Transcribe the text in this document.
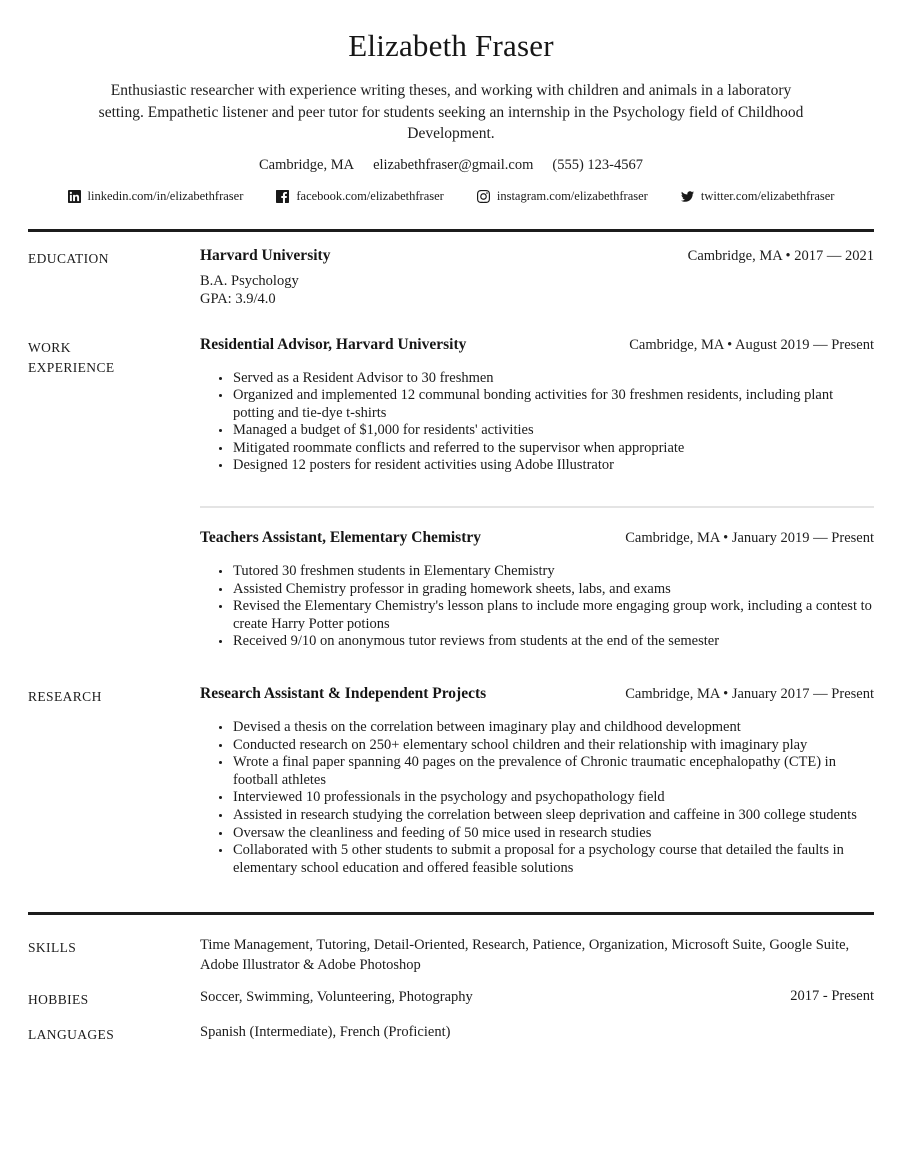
Elizabeth Fraser

Enthusiastic researcher with experience writing theses, and working with children and animals in a laboratory setting. Empathetic listener and peer tutor for students seeking an internship in the Psychology field of Childhood Development.

Cambridge, MA elizabethfraser@gmail.com (555) 123-4567
linkedin.com/in/elizabethfraser	facebook.com/elizabethfraser	instagram.com/elizabethfraser	twitter.com/elizabethfraser
EDUCATION	Harvard University	Cambridge, MA • 2017 — 2021
B.A. Psychology
GPA: 3.9/4.0
WORK EXPERIENCE
Residential Advisor, Harvard University	Cambridge, MA • August 2019 — Present
• Served as a Resident Advisor to 30 freshmen
• Organized and implemented 12 communal bonding activities for 30 freshmen residents, including plant potting and tie-dye t-shirts
• Managed a budget of $1,000 for residents' activities
• Mitigated roommate conflicts and referred to the supervisor when appropriate
• Designed 12 posters for resident activities using Adobe Illustrator
Teachers Assistant, Elementary Chemistry	Cambridge, MA • January 2019 — Present
• Tutored 30 freshmen students in Elementary Chemistry
• Assisted Chemistry professor in grading homework sheets, labs, and exams
• Revised the Elementary Chemistry's lesson plans to include more engaging group work, including a contest to create Harry Potter potions
• Received 9/10 on anonymous tutor reviews from students at the end of the semester
RESEARCH	Research Assistant & Independent Projects	Cambridge, MA • January 2017 — Present
• Devised a thesis on the correlation between imaginary play and childhood development
• Conducted research on 250+ elementary school children and their relationship with imaginary play
• Wrote a final paper spanning 40 pages on the prevalence of Chronic traumatic encephalopathy (CTE) in football athletes
• Interviewed 10 professionals in the psychology and psychopathology field
• Assisted in research studying the correlation between sleep deprivation and caffeine in 300 college students
• Oversaw the cleanliness and feeding of 50 mice used in research studies
• Collaborated with 5 other students to submit a proposal for a psychology course that detailed the faults in elementary school education and offered feasible solutions
SKILLS	Time Management, Tutoring, Detail-Oriented, Research, Patience, Organization, Microsoft Suite, Google Suite, Adobe Illustrator & Adobe Photoshop
HOBBIES	Soccer, Swimming, Volunteering, Photography	2017 - Present
LANGUAGES	Spanish (Intermediate), French (Proficient)
